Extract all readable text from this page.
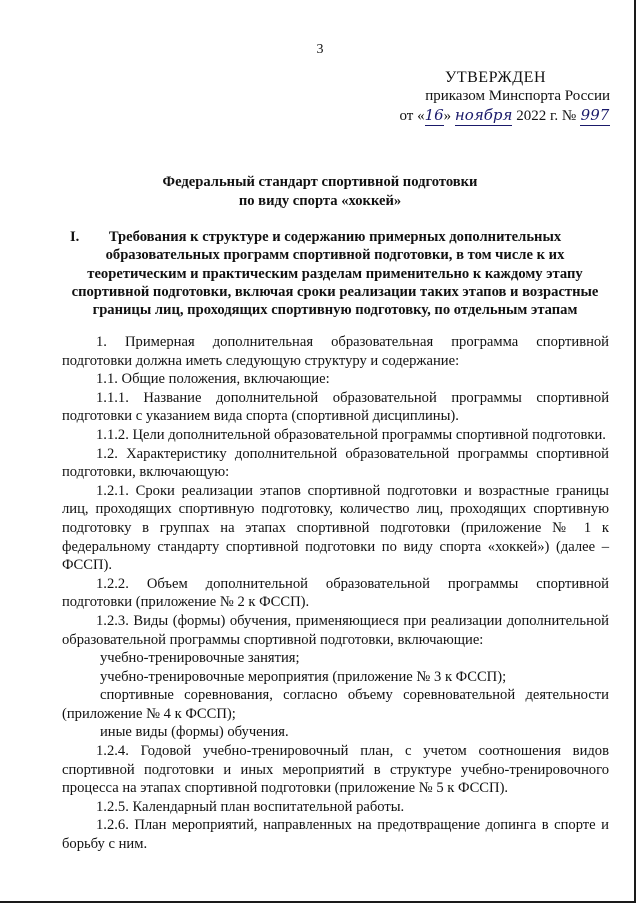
3
УТВЕРЖДЕН
приказом Минспорта России
от «16» ноября 2022 г. № 997
Федеральный стандарт спортивной подготовки
по виду спорта «хоккей»
I.	Требования к структуре и содержанию примерных дополнительных образовательных программ спортивной подготовки, в том числе к их теоретическим и практическим разделам применительно к каждому этапу спортивной подготовки, включая сроки реализации таких этапов и возрастные границы лиц, проходящих спортивную подготовку, по отдельным этапам

1. Примерная дополнительная образовательная программа спортивной подготовки должна иметь следующую структуру и содержание:

1.1. Общие положения, включающие:

1.1.1. Название дополнительной образовательной программы спортивной подготовки с указанием вида спорта (спортивной дисциплины).

1.1.2. Цели дополнительной образовательной программы спортивной подготовки.

1.2. Характеристику дополнительной образовательной программы спортивной подготовки, включающую:

1.2.1. Сроки реализации этапов спортивной подготовки и возрастные границы лиц, проходящих спортивную подготовку, количество лиц, проходящих спортивную подготовку в группах на этапах спортивной подготовки (приложение № 1 к федеральному стандарту спортивной подготовки по виду спорта «хоккей») (далее – ФССП).

1.2.2. Объем дополнительной образовательной программы спортивной подготовки (приложение № 2 к ФССП).

1.2.3. Виды (формы) обучения, применяющиеся при реализации дополнительной образовательной программы спортивной подготовки, включающие:

учебно-тренировочные занятия;

учебно-тренировочные мероприятия (приложение № 3 к ФССП);

спортивные соревнования, согласно объему соревновательной деятельности (приложение № 4 к ФССП);

иные виды (формы) обучения.

1.2.4. Годовой учебно-тренировочный план, с учетом соотношения видов спортивной подготовки и иных мероприятий в структуре учебно-тренировочного процесса на этапах спортивной подготовки (приложение № 5 к ФССП).

1.2.5. Календарный план воспитательной работы.

1.2.6. План мероприятий, направленных на предотвращение допинга в спорте и борьбу с ним.
